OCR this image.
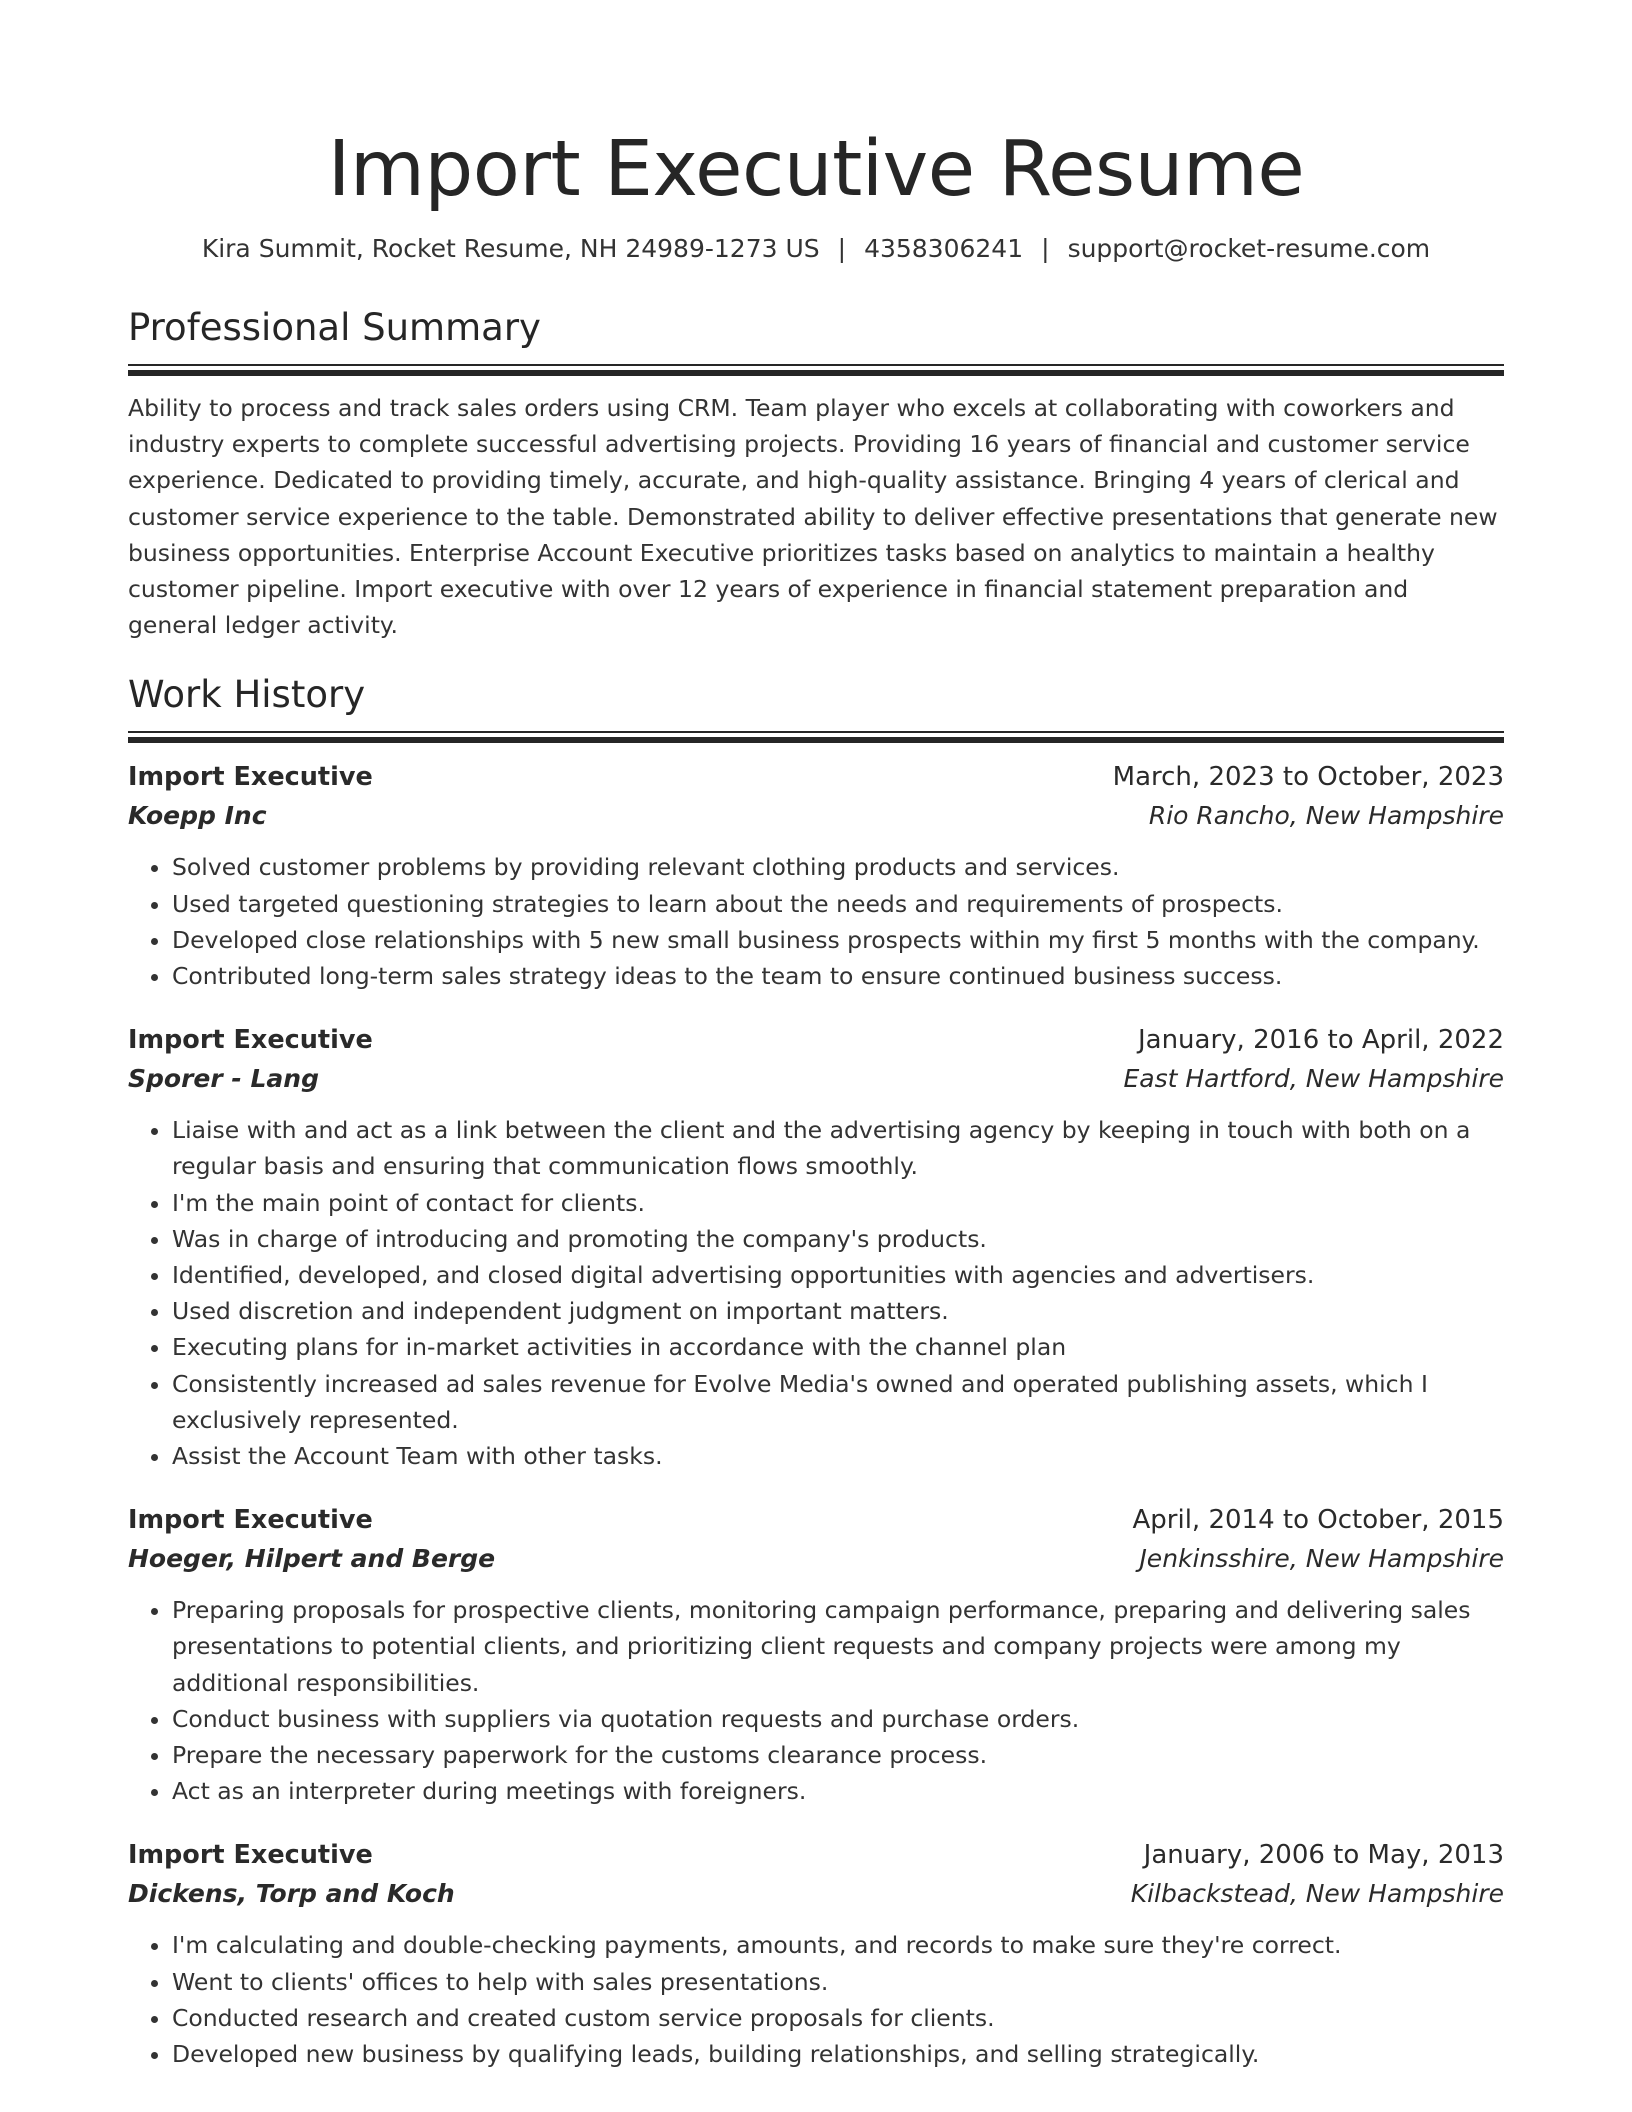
Import Executive Resume
Kira Summit, Rocket Resume, NH 24989-1273 US | 4358306241 | support@rocket-resume.com
Professional Summary

Ability to process and track sales orders using CRM. Team player who excels at collaborating with coworkers and industry experts to complete successful advertising projects. Providing 16 years of financial and customer service experience. Dedicated to providing timely, accurate, and high-quality assistance. Bringing 4 years of clerical and customer service experience to the table. Demonstrated ability to deliver effective presentations that generate new business opportunities. Enterprise Account Executive prioritizes tasks based on analytics to maintain a healthy customer pipeline. Import executive with over 12 years of experience in financial statement preparation and general ledger activity.

Work History
Import Executive	March, 2023 to October, 2023
Koepp Inc	Rio Rancho, New Hampshire
• Solved customer problems by providing relevant clothing products and services.
• Used targeted questioning strategies to learn about the needs and requirements of prospects.
• Developed close relationships with 5 new small business prospects within my first 5 months with the company.
• Contributed long-term sales strategy ideas to the team to ensure continued business success.
Import Executive	January, 2016 to April, 2022
Sporer - Lang	East Hartford, New Hampshire
• Liaise with and act as a link between the client and the advertising agency by keeping in touch with both on a regular basis and ensuring that communication flows smoothly.
• I'm the main point of contact for clients.
• Was in charge of introducing and promoting the company's products.
• Identified, developed, and closed digital advertising opportunities with agencies and advertisers.
• Used discretion and independent judgment on important matters.
• Executing plans for in-market activities in accordance with the channel plan
• Consistently increased ad sales revenue for Evolve Media's owned and operated publishing assets, which I exclusively represented.
• Assist the Account Team with other tasks.
Import Executive	April, 2014 to October, 2015
Hoeger, Hilpert and Berge	Jenkinsshire, New Hampshire
• Preparing proposals for prospective clients, monitoring campaign performance, preparing and delivering sales presentations to potential clients, and prioritizing client requests and company projects were among my additional responsibilities.
• Conduct business with suppliers via quotation requests and purchase orders.
• Prepare the necessary paperwork for the customs clearance process.
• Act as an interpreter during meetings with foreigners.
Import Executive	January, 2006 to May, 2013
Dickens, Torp and Koch	Kilbackstead, New Hampshire
• I'm calculating and double-checking payments, amounts, and records to make sure they're correct.
• Went to clients' offices to help with sales presentations.
• Conducted research and created custom service proposals for clients.
• Developed new business by qualifying leads, building relationships, and selling strategically.
